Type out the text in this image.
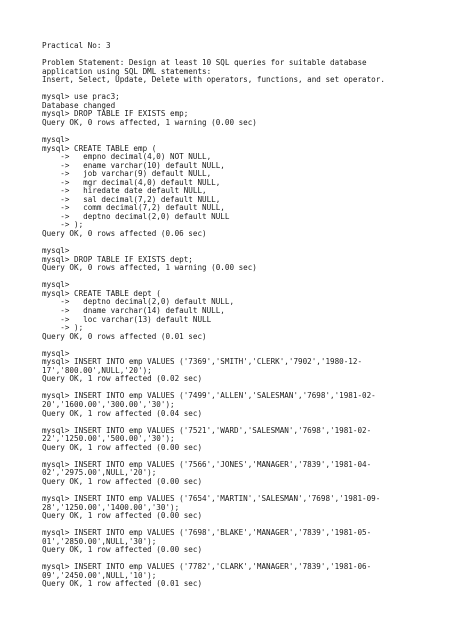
Practical No: 3
Problem Statement: Design at least 10 SQL queries for suitable database
application using SQL DML statements:
Insert, Select, Update, Delete with operators, functions, and set operator.
mysql> use prac3;
Database changed
mysql> DROP TABLE IF EXISTS emp;
Query OK, 0 rows affected, 1 warning (0.00 sec)
mysql>
mysql> CREATE TABLE emp (
->   empno decimal(4,0) NOT NULL,
->   ename varchar(10) default NULL,
->   job varchar(9) default NULL,
->   mgr decimal(4,0) default NULL,
->   hiredate date default NULL,
->   sal decimal(7,2) default NULL,
->   comm decimal(7,2) default NULL,
->   deptno decimal(2,0) default NULL
-> );
Query OK, 0 rows affected (0.06 sec)
mysql>
mysql> DROP TABLE IF EXISTS dept;
Query OK, 0 rows affected, 1 warning (0.00 sec)
mysql>
mysql> CREATE TABLE dept (
->   deptno decimal(2,0) default NULL,
->   dname varchar(14) default NULL,
->   loc varchar(13) default NULL
-> );
Query OK, 0 rows affected (0.01 sec)
mysql>
mysql> INSERT INTO emp VALUES ('7369','SMITH','CLERK','7902','1980-12-
17','800.00',NULL,'20');
Query OK, 1 row affected (0.02 sec)
mysql> INSERT INTO emp VALUES ('7499','ALLEN','SALESMAN','7698','1981-02-
20','1600.00','300.00','30');
Query OK, 1 row affected (0.04 sec)
mysql> INSERT INTO emp VALUES ('7521','WARD','SALESMAN','7698','1981-02-
22','1250.00','500.00','30');
Query OK, 1 row affected (0.00 sec)
mysql> INSERT INTO emp VALUES ('7566','JONES','MANAGER','7839','1981-04-
02','2975.00',NULL,'20');
Query OK, 1 row affected (0.00 sec)
mysql> INSERT INTO emp VALUES ('7654','MARTIN','SALESMAN','7698','1981-09-
28','1250.00','1400.00','30');
Query OK, 1 row affected (0.00 sec)
mysql> INSERT INTO emp VALUES ('7698','BLAKE','MANAGER','7839','1981-05-
01','2850.00',NULL,'30');
Query OK, 1 row affected (0.00 sec)
mysql> INSERT INTO emp VALUES ('7782','CLARK','MANAGER','7839','1981-06-
09','2450.00',NULL,'10');
Query OK, 1 row affected (0.01 sec)
